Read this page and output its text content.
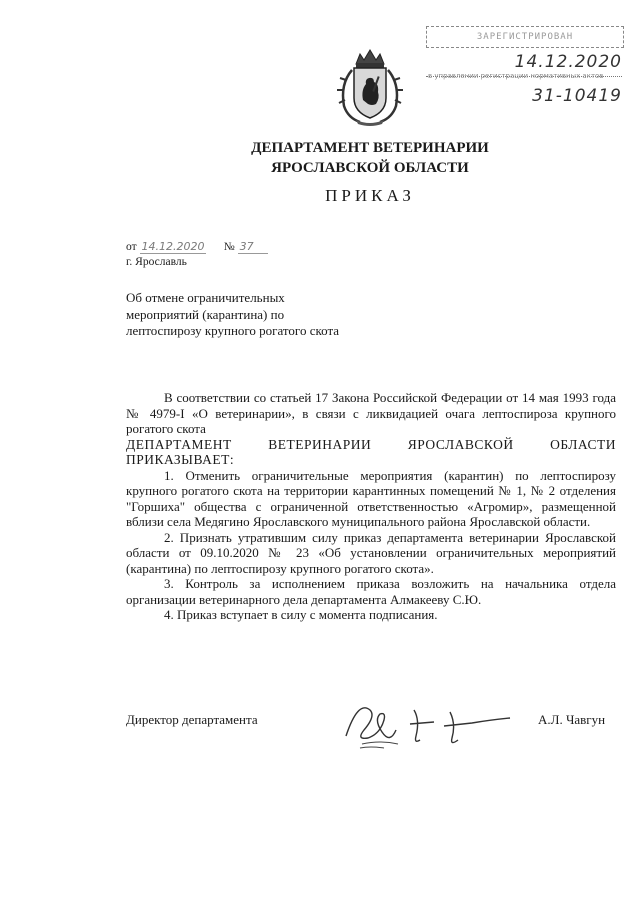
ЗАРЕГИСТРИРОВАН
14.12.2020
в управлении регистрации нормативных актов
31-10419
ДЕПАРТАМЕНТ ВЕТЕРИНАРИИ
ЯРОСЛАВСКОЙ ОБЛАСТИ
ПРИКАЗ
от 14.12.2020 № 37
г. Ярославль
Об отмене ограничительных мероприятий (карантина) по лептоспирозу крупного рогатого скота

В соответствии со статьей 17 Закона Российской Федерации от 14 мая 1993 года № 4979-I «О ветеринарии», в связи с ликвидацией очага лептоспироза крупного рогатого скота

ДЕПАРТАМЕНТ ВЕТЕРИНАРИИ ЯРОСЛАВСКОЙ ОБЛАСТИ

ПРИКАЗЫВАЕТ:

1. Отменить ограничительные мероприятия (карантин) по лептоспирозу крупного рогатого скота на территории карантинных помещений № 1, № 2 отделения "Горшиха" общества с ограниченной ответственностью «Агромир», размещенной вблизи села Медягино Ярославского муниципального района Ярославской области.

2. Признать утратившим силу приказ департамента ветеринарии Ярославской области от 09.10.2020 № 23 «Об установлении ограничительных мероприятий (карантина) по лептоспирозу крупного рогатого скота».

3. Контроль за исполнением приказа возложить на начальника отдела организации ветеринарного дела департамента Алмакееву С.Ю.

4. Приказ вступает в силу с момента подписания.

Директор департамента	А.Л. Чавгун
